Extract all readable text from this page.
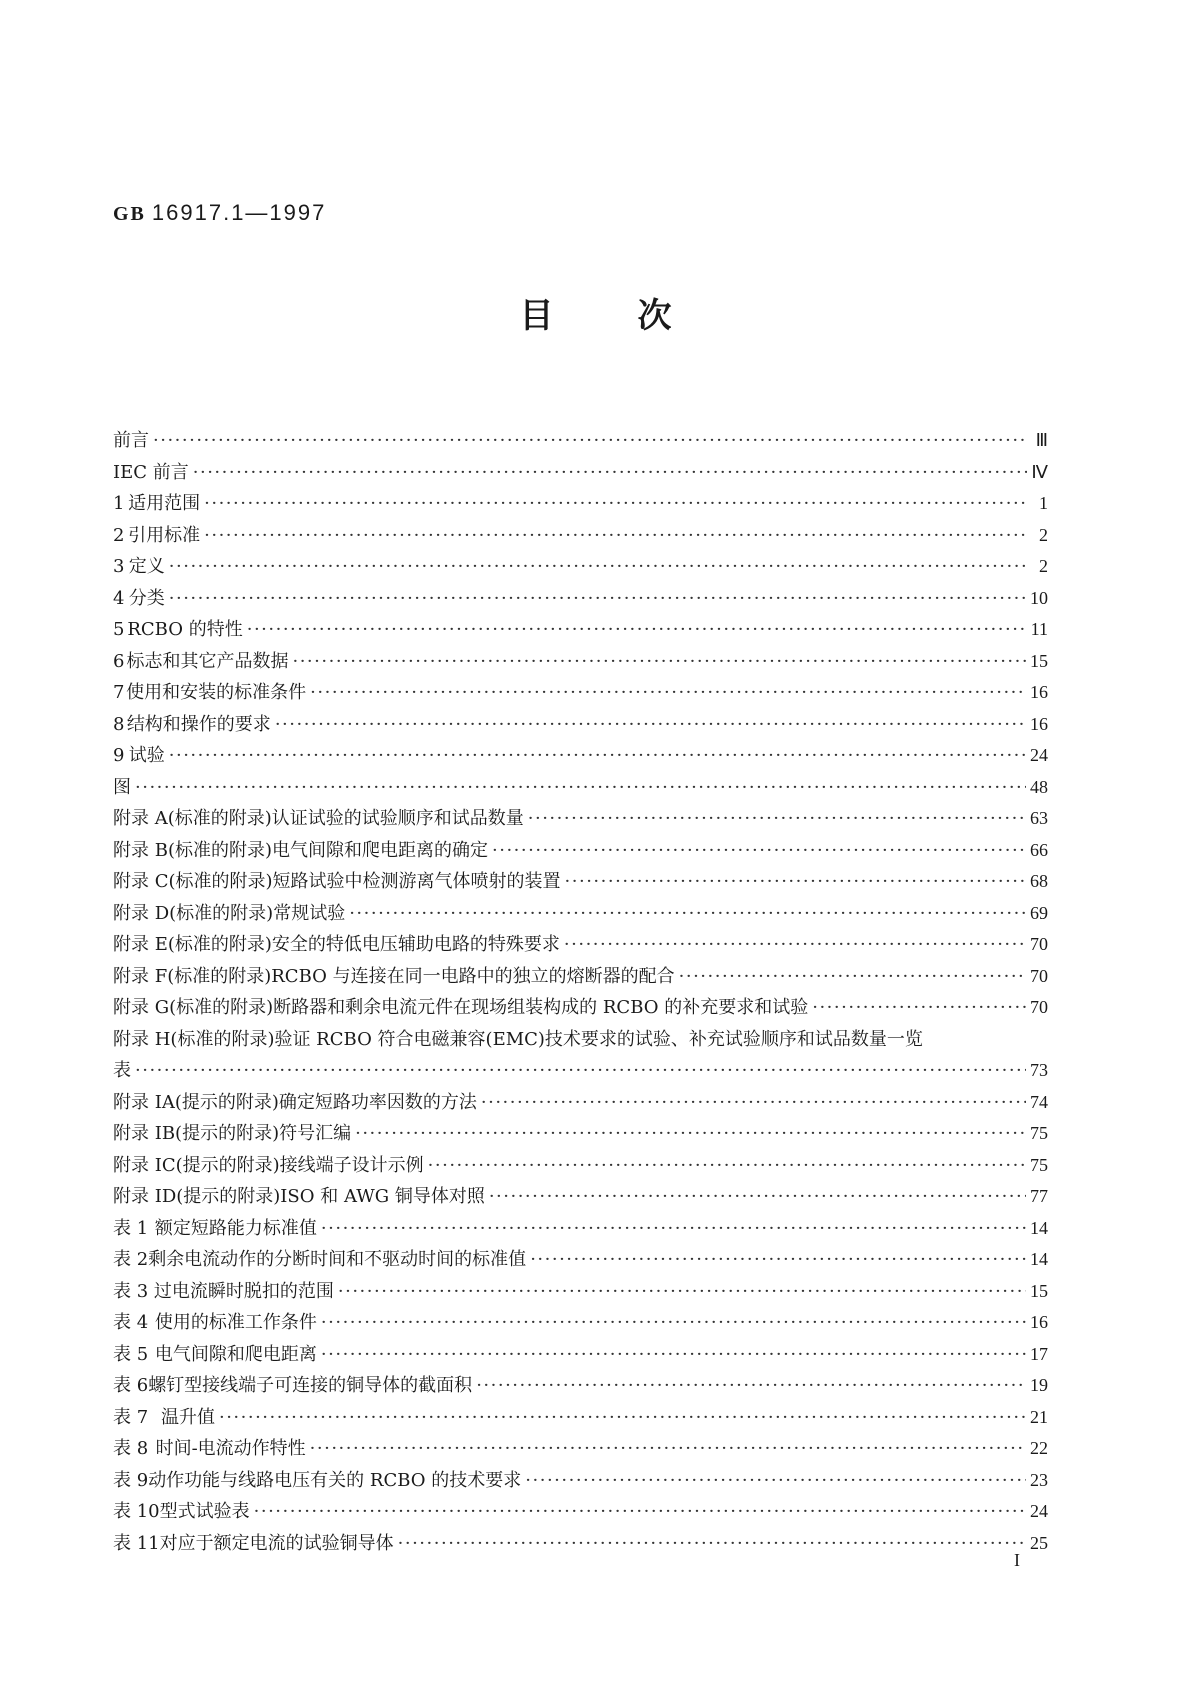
GB 16917.1—1997
目次
前言 ·····	Ⅲ
IEC 前言 ·····	Ⅳ
1 适用范围 ·····	1
2 引用标准 ·····	2
3 定义 ·····	2
4 分类 ·····	10
5 RCBO 的特性 ·····	11
6 标志和其它产品数据 ·····	15
7 使用和安装的标准条件 ·····	16
8 结构和操作的要求 ·····	16
9 试验 ·····	24
图 ·····	48
附录 A(标准的附录)认证试验的试验顺序和试品数量 ·····	63
附录 B(标准的附录)电气间隙和爬电距离的确定 ·····	66
附录 C(标准的附录)短路试验中检测游离气体喷射的装置 ·····	68
附录 D(标准的附录)常规试验 ·····	69
附录 E(标准的附录)安全的特低电压辅助电路的特殊要求 ·····	70
附录 F(标准的附录)RCBO 与连接在同一电路中的独立的熔断器的配合 ·····	70
附录 G(标准的附录)断路器和剩余电流元件在现场组装构成的 RCBO 的补充要求和试验 ·····	70
附录 H(标准的附录)验证 RCBO 符合电磁兼容(EMC)技术要求的试验、补充试验顺序和试品数量一览
表 ·····	73
附录 IA(提示的附录)确定短路功率因数的方法 ·····	74
附录 IB(提示的附录)符号汇编 ·····	75
附录 IC(提示的附录)接线端子设计示例 ·····	75
附录 ID(提示的附录)ISO 和 AWG 铜导体对照 ·····	77
表 1 额定短路能力标准值 ·····	14
表 2 剩余电流动作的分断时间和不驱动时间的标准值 ·····	14
表 3 过电流瞬时脱扣的范围 ·····	15
表 4 使用的标准工作条件 ·····	16
表 5 电气间隙和爬电距离 ·····	17
表 6 螺钉型接线端子可连接的铜导体的截面积 ·····	19
表 7 温升值 ·····	21
表 8 时间-电流动作特性 ·····	22
表 9 动作功能与线路电压有关的 RCBO 的技术要求 ·····	23
表 10 型式试验表 ·····	24
表 11 对应于额定电流的试验铜导体 ·····	25
I
